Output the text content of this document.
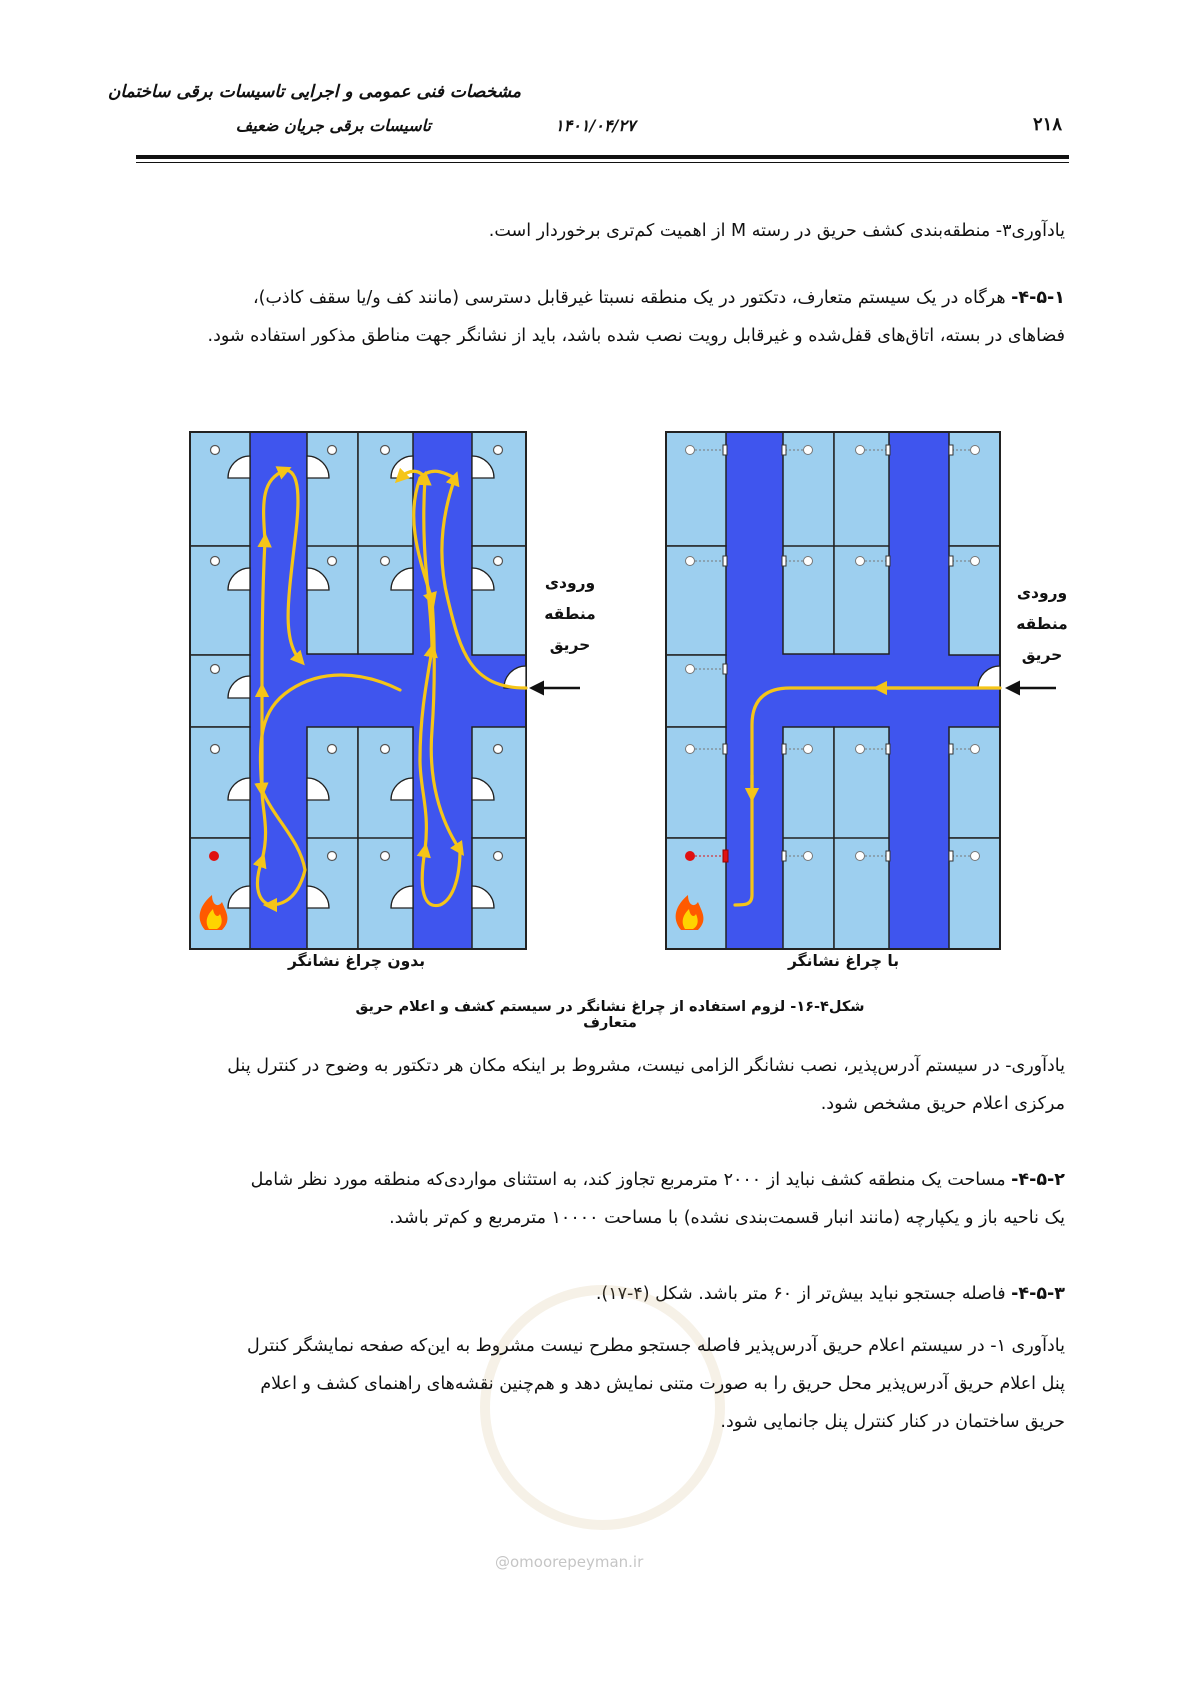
مشخصات فنی عمومی و اجرایی تاسیسات برقی ساختمان
تاسیسات برقی جریان ضعیف	۱۴۰۱/۰۴/۲۷	۲۱۸
یادآوری۳- منطقه‌بندی کشف حریق در رسته M از اهمیت کم‌تری برخوردار است.
۴-۵-۱- هرگاه در یک سیستم متعارف، دتکتور در یک منطقه نسبتا غیرقابل دسترسی (مانند کف و/یا سقف کاذب)،
فضاهای در بسته، اتاق‌های قفل‌شده و غیرقابل رویت نصب شده باشد، باید از نشانگر جهت مناطق مذکور استفاده شود.
ورودی
منطقه
حریق
ورودی
منطقه
حریق
بدون چراغ نشانگر	با چراغ نشانگر
شکل۴-۱۶- لزوم استفاده از چراغ نشانگر در سیستم کشف و اعلام حریق متعارف
یادآوری- در سیستم آدرس‌پذیر، نصب نشانگر الزامی نیست، مشروط بر اینکه مکان هر دتکتور به وضوح در کنترل پنل
مرکزی اعلام حریق مشخص شود.
۴-۵-۲- مساحت یک منطقه کشف نباید از ۲۰۰۰ مترمربع تجاوز کند، به استثنای مواردی‌که منطقه مورد نظر شامل
یک ناحیه باز و یکپارچه (مانند انبار قسمت‌بندی نشده) با مساحت ۱۰۰۰۰ مترمربع و کم‌تر باشد.
۴-۵-۳- فاصله جستجو نباید بیش‌تر از ۶۰ متر باشد. شکل (۴-۱۷).
@omoorepeyman.ir
یادآوری ۱- در سیستم اعلام حریق آدرس‌پذیر فاصله جستجو مطرح نیست مشروط به این‌که صفحه نمایشگر کنترل
پنل اعلام حریق آدرس‌پذیر محل حریق را به صورت متنی نمایش دهد و هم‌چنین نقشه‌های راهنمای کشف و اعلام
حریق ساختمان در کنار کنترل پنل جانمایی شود.
